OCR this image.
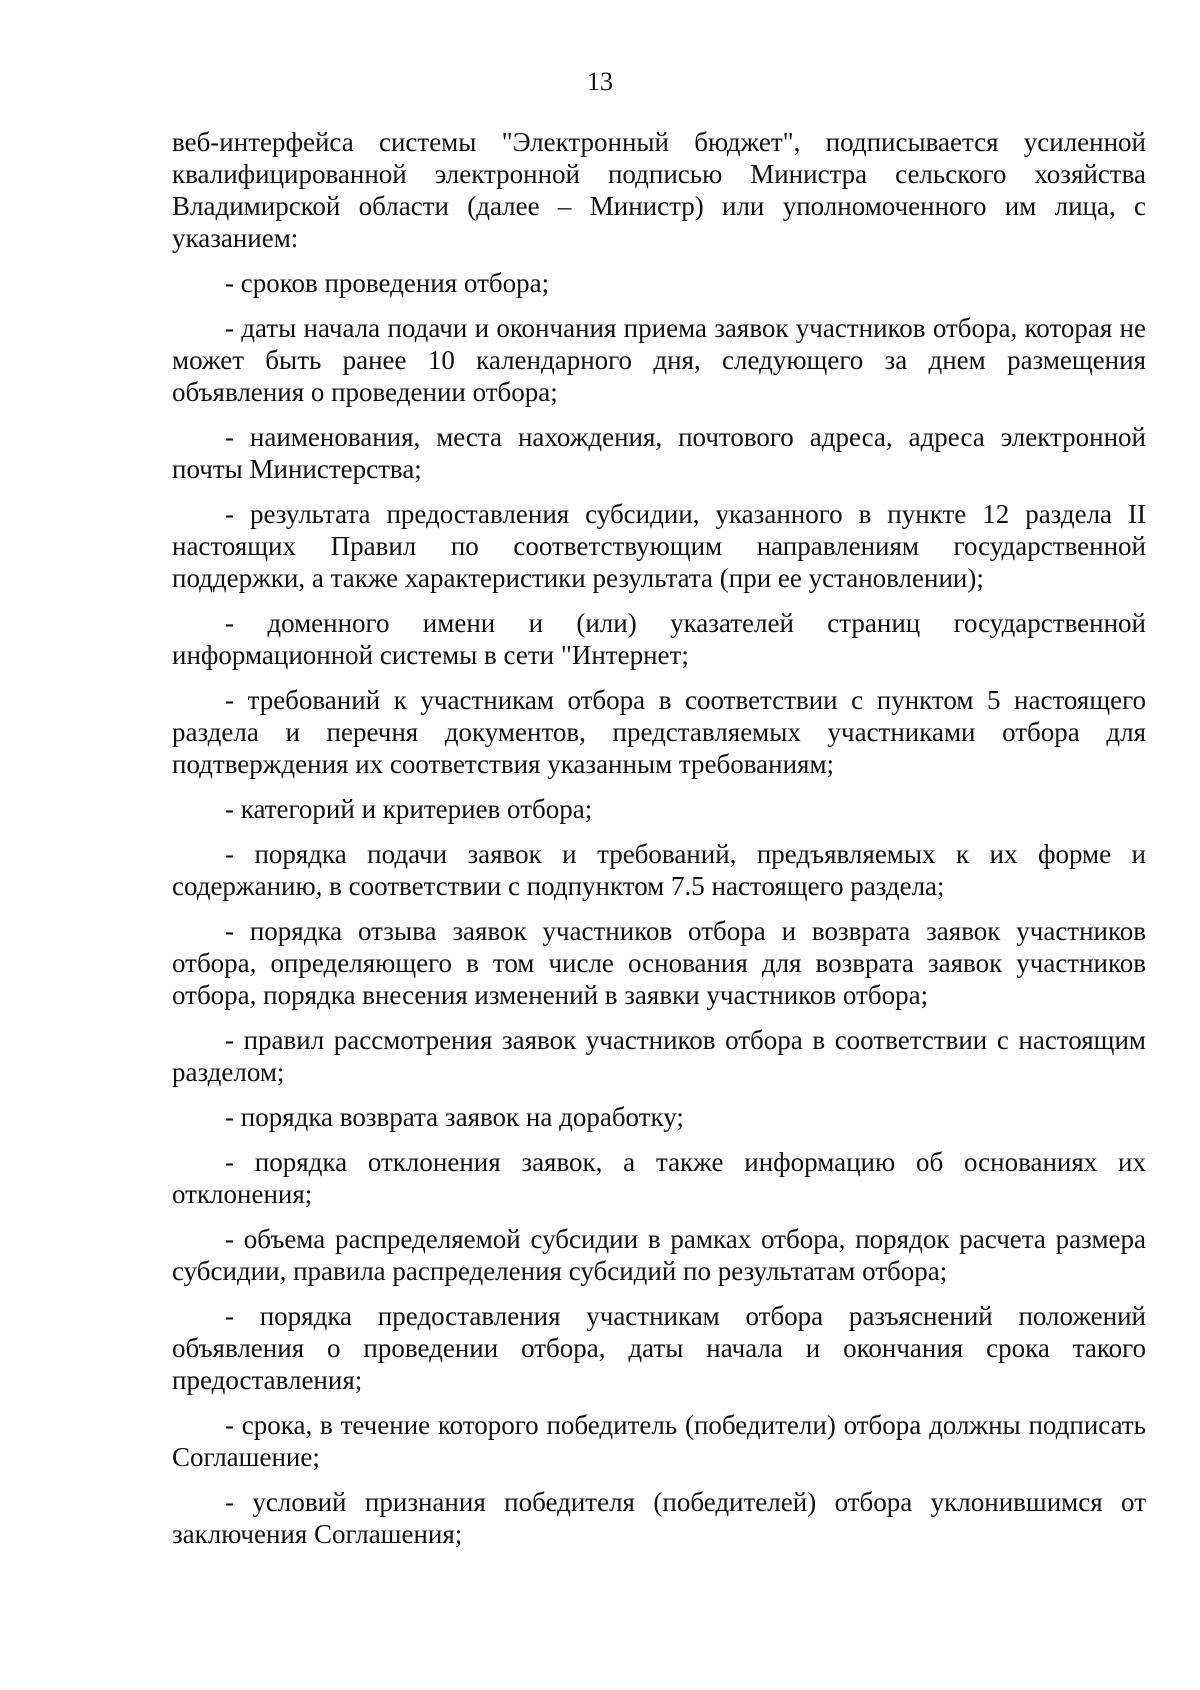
13

веб-интерфейса системы "Электронный бюджет", подписывается усиленной квалифицированной электронной подписью Министра сельского хозяйства Владимирской области (далее – Министр) или уполномоченного им лица, с указанием:

- сроков проведения отбора;

- даты начала подачи и окончания приема заявок участников отбора, которая не может быть ранее 10 календарного дня, следующего за днем размещения объявления о проведении отбора;

- наименования, места нахождения, почтового адреса, адреса электронной почты Министерства;

- результата предоставления субсидии, указанного в пункте 12 раздела II настоящих Правил по соответствующим направлениям государственной поддержки, а также характеристики результата (при ее установлении);

- доменного имени и (или) указателей страниц государственной информационной системы в сети "Интернет;

- требований к участникам отбора в соответствии с пунктом 5 настоящего раздела и перечня документов, представляемых участниками отбора для подтверждения их соответствия указанным требованиям;

- категорий и критериев отбора;

- порядка подачи заявок и требований, предъявляемых к их форме и содержанию, в соответствии с подпунктом 7.5 настоящего раздела;

- порядка отзыва заявок участников отбора и возврата заявок участников отбора, определяющего в том числе основания для возврата заявок участников отбора, порядка внесения изменений в заявки участников отбора;

- правил рассмотрения заявок участников отбора в соответствии с настоящим разделом;

- порядка возврата заявок на доработку;

- порядка отклонения заявок, а также информацию об основаниях их отклонения;

- объема распределяемой субсидии в рамках отбора, порядок расчета размера субсидии, правила распределения субсидий по результатам отбора;

- порядка предоставления участникам отбора разъяснений положений объявления о проведении отбора, даты начала и окончания срока такого предоставления;

- срока, в течение которого победитель (победители) отбора должны подписать Соглашение;

- условий признания победителя (победителей) отбора уклонившимся от заключения Соглашения;
